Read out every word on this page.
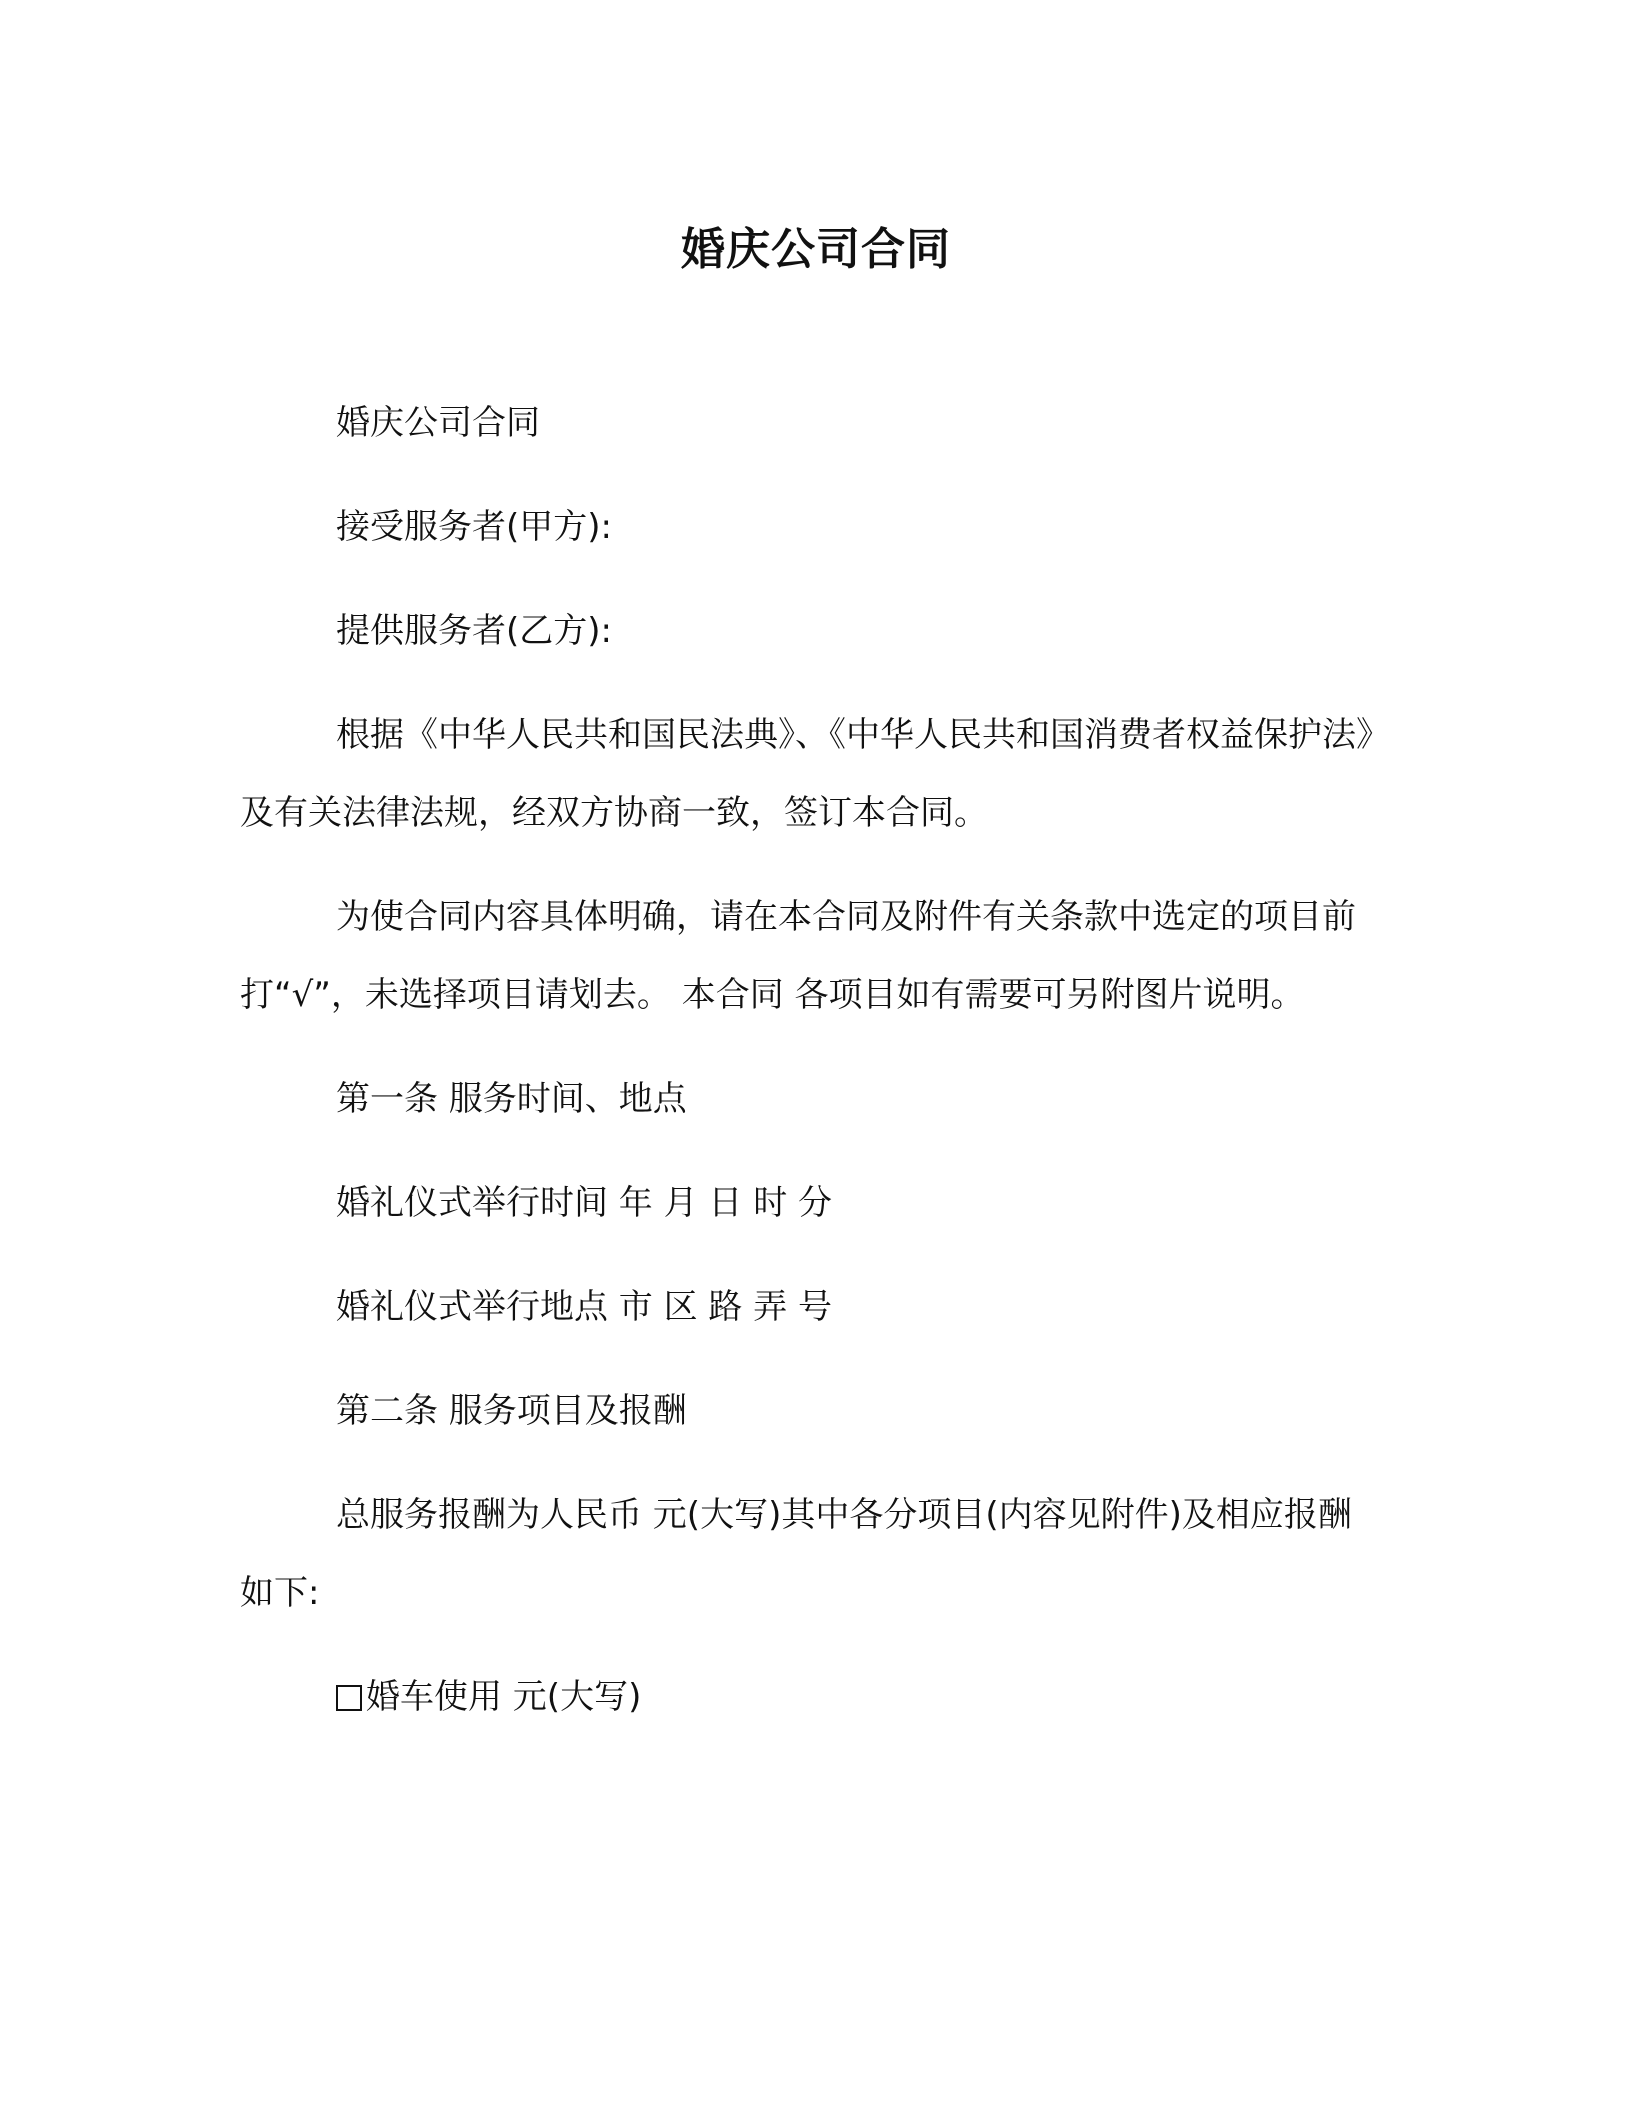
婚庆公司合同

婚庆公司合同

接受服务者(甲方):

提供服务者(乙方):

根据《中华人民共和国民法典》、《中华人民共和国消费者权益保护法》及有关法律法规，经双方协商一致，签订本合同。

为使合同内容具体明确，请在本合同及附件有关条款中选定的项目前打“√”，未选择项目请划去。 本合同 各项目如有需要可另附图片说明。

第一条 服务时间、地点

婚礼仪式举行时间 年 月 日 时 分

婚礼仪式举行地点 市 区 路 弄 号

第二条 服务项目及报酬

总服务报酬为人民币 元(大写)其中各分项目(内容见附件)及相应报酬如下:

婚车使用 元(大写)
